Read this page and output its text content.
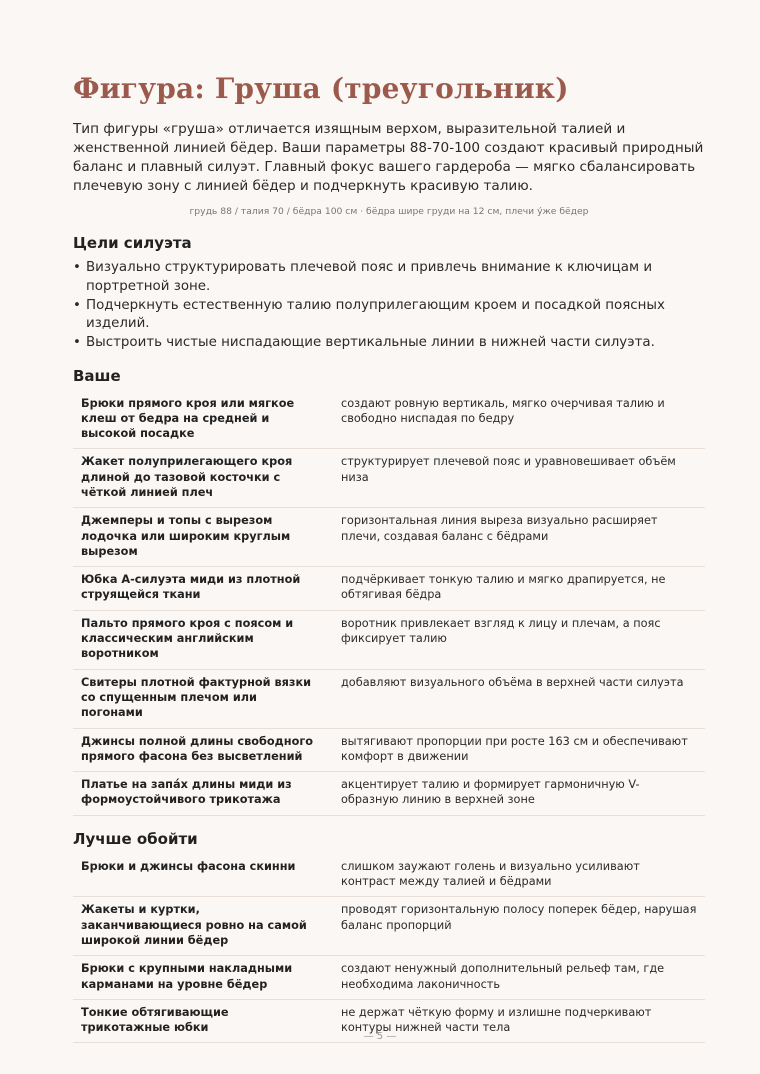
Фигура: Груша (треугольник)

Тип фигуры «груша» отличается изящным верхом, выразительной талией и женственной линией бёдер. Ваши параметры 88-70-100 создают красивый природный баланс и плавный силуэт. Главный фокус вашего гардероба — мягко сбалансировать плечевую зону с линией бёдер и подчеркнуть красивую талию.

грудь 88 / талия 70 / бёдра 100 см · бёдра шире груди на 12 см, плечи ýже бёдер
Цели силуэта
• Визуально структурировать плечевой пояс и привлечь внимание к ключицам и портретной зоне.
• Подчеркнуть естественную талию полуприлегающим кроем и посадкой поясных изделий.
• Выстроить чистые ниспадающие вертикальные линии в нижней части силуэта.
Ваше
Брюки прямого кроя или мягкое клеш от бедра на средней и высокой посадке	создают ровную вертикаль, мягко очерчивая талию и свободно ниспадая по бедру
Жакет полуприлегающего кроя длиной до тазовой косточки с чёткой линией плеч	структурирует плечевой пояс и уравновешивает объём низа
Джемперы и топы с вырезом лодочка или широким круглым вырезом	горизонтальная линия выреза визуально расширяет плечи, создавая баланс с бёдрами
Юбка А-силуэта миди из плотной струящейся ткани	подчёркивает тонкую талию и мягко драпируется, не обтягивая бёдра
Пальто прямого кроя с поясом и классическим английским воротником	воротник привлекает взгляд к лицу и плечам, а пояс фиксирует талию
Свитеры плотной фактурной вязки со спущенным плечом или погонами	добавляют визуального объёма в верхней части силуэта
Джинсы полной длины свободного прямого фасона без высветлений	вытягивают пропорции при росте 163 см и обеспечивают комфорт в движении
Платье на запáх длины миди из формоустойчивого трикотажа	акцентирует талию и формирует гармоничную V-образную линию в верхней зоне
Лучше обойти
Брюки и джинсы фасона скинни	слишком заужают голень и визуально усиливают контраст между талией и бёдрами
Жакеты и куртки, заканчивающиеся ровно на самой широкой линии бёдер	проводят горизонтальную полосу поперек бёдер, нарушая баланс пропорций
Брюки с крупными накладными карманами на уровне бёдер	создают ненужный дополнительный рельеф там, где необходима лаконичность
Тонкие обтягивающие трикотажные юбки	не держат чёткую форму и излишне подчеркивают контуры нижней части тела
— 5 —
